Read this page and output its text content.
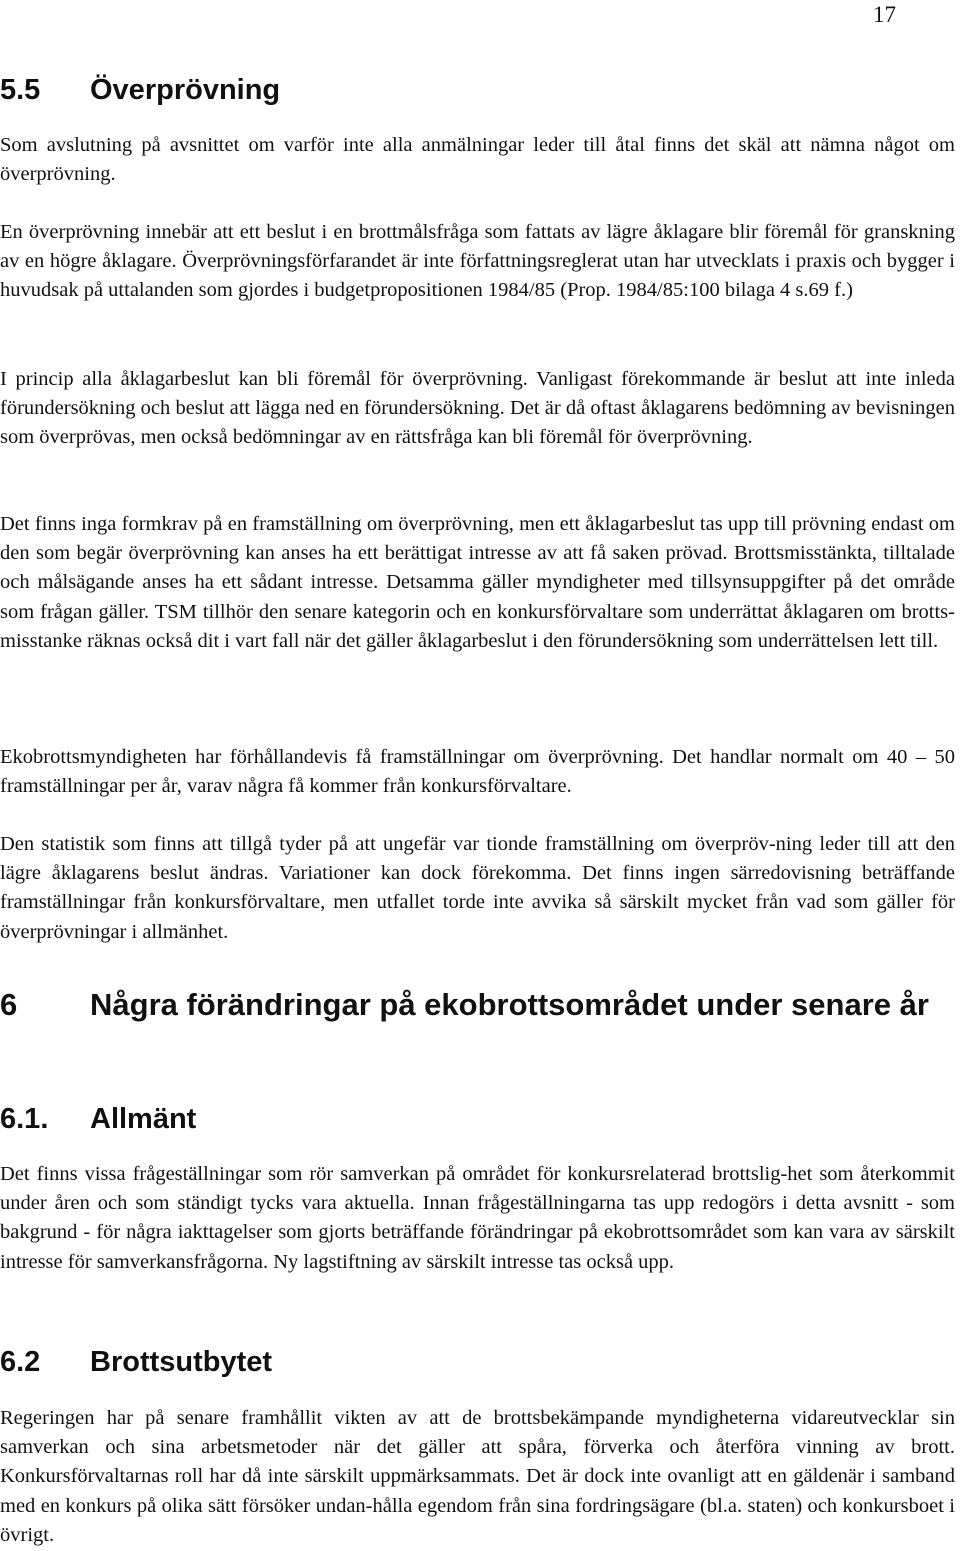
17
5.5 Överprövning

Som avslutning på avsnittet om varför inte alla anmälningar leder till åtal finns det skäl att nämna något om överprövning.

En överprövning innebär att ett beslut i en brottmålsfråga som fattats av lägre åklagare blir föremål för granskning av en högre åklagare. Överprövningsförfarandet är inte författningsreglerat utan har utvecklats i praxis och bygger i huvudsak på uttalanden som gjordes i budgetpropositionen 1984/85 (Prop. 1984/85:100 bilaga 4 s.69 f.)

I princip alla åklagarbeslut kan bli föremål för överprövning. Vanligast förekommande är beslut att inte inleda förundersökning och beslut att lägga ned en förundersökning. Det är då oftast åklagarens bedömning av bevisningen som överprövas, men också bedömningar av en rättsfråga kan bli föremål för överprövning.

Det finns inga formkrav på en framställning om överprövning, men ett åklagarbeslut tas upp till prövning endast om den som begär överprövning kan anses ha ett berättigat intresse av att få saken prövad. Brottsmisstänkta, tilltalade och målsägande anses ha ett sådant intresse. Detsamma gäller myndigheter med tillsynsuppgifter på det område som frågan gäller. TSM tillhör den senare kategorin och en konkursförvaltare som underrättat åklagaren om brotts-misstanke räknas också dit i vart fall när det gäller åklagarbeslut i den förundersökning som underrättelsen lett till.

Ekobrottsmyndigheten har förhållandevis få framställningar om överprövning. Det handlar normalt om 40 – 50 framställningar per år, varav några få kommer från konkursförvaltare.

Den statistik som finns att tillgå tyder på att ungefär var tionde framställning om överpröv-ning leder till att den lägre åklagarens beslut ändras. Variationer kan dock förekomma. Det finns ingen särredovisning beträffande framställningar från konkursförvaltare, men utfallet torde inte avvika så särskilt mycket från vad som gäller för överprövningar i allmänhet.

6	Några förändringar på ekobrottsområdet under senare år
6.1. Allmänt

Det finns vissa frågeställningar som rör samverkan på området för konkursrelaterad brottslig-het som återkommit under åren och som ständigt tycks vara aktuella. Innan frågeställningarna tas upp redogörs i detta avsnitt - som bakgrund - för några iakttagelser som gjorts beträffande förändringar på ekobrottsområdet som kan vara av särskilt intresse för samverkansfrågorna. Ny lagstiftning av särskilt intresse tas också upp.

6.2 Brottsutbytet

Regeringen har på senare framhållit vikten av att de brottsbekämpande myndigheterna vidareutvecklar sin samverkan och sina arbetsmetoder när det gäller att spåra, förverka och återföra vinning av brott. Konkursförvaltarnas roll har då inte särskilt uppmärksammats. Det är dock inte ovanligt att en gäldenär i samband med en konkurs på olika sätt försöker undan-hålla egendom från sina fordringsägare (bl.a. staten) och konkursboet i övrigt.
